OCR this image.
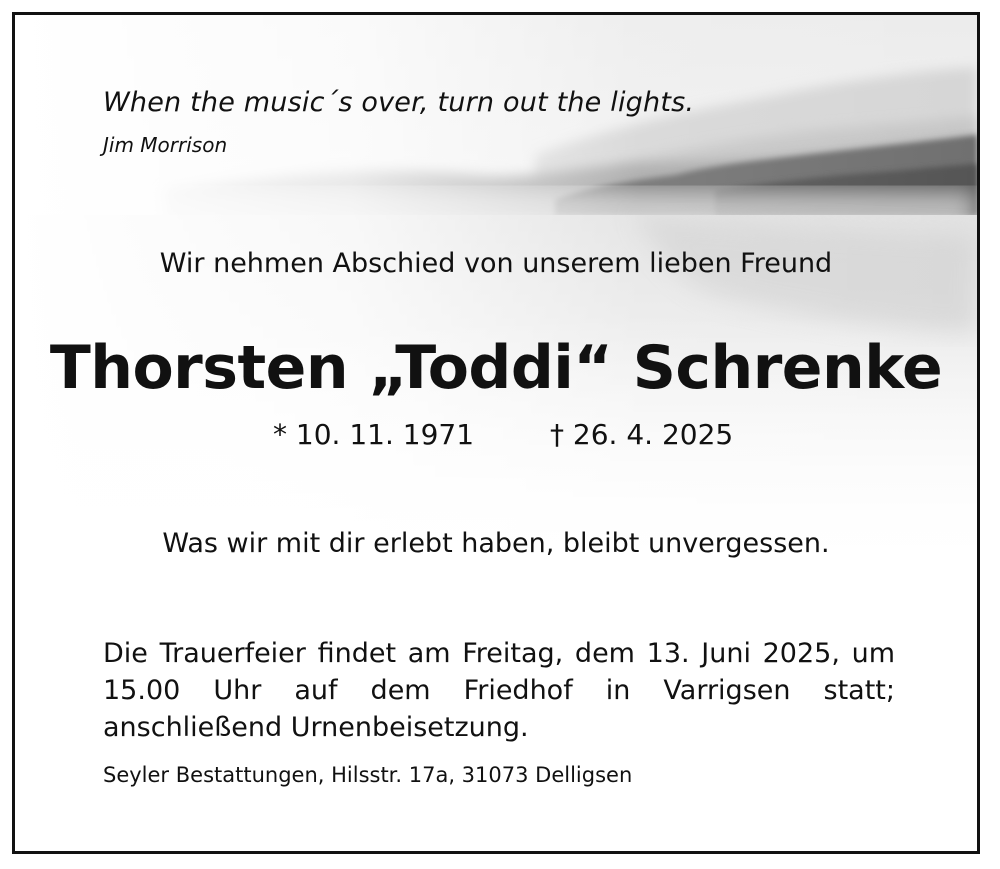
When the music´s over, turn out the lights.
Jim Morrison
Wir nehmen Abschied von unserem lieben Freund
Thorsten „Toddi“ Schrenke
* 10. 11. 1971	† 26. 4. 2025
Was wir mit dir erlebt haben, bleibt unvergessen.
Die Trauerfeier findet am Freitag, dem 13. Juni 2025, um 15.00 Uhr auf dem Friedhof in Varrigsen statt; anschließend Urnenbeisetzung.
Seyler Bestattungen, Hilsstr. 17a, 31073 Delligsen
